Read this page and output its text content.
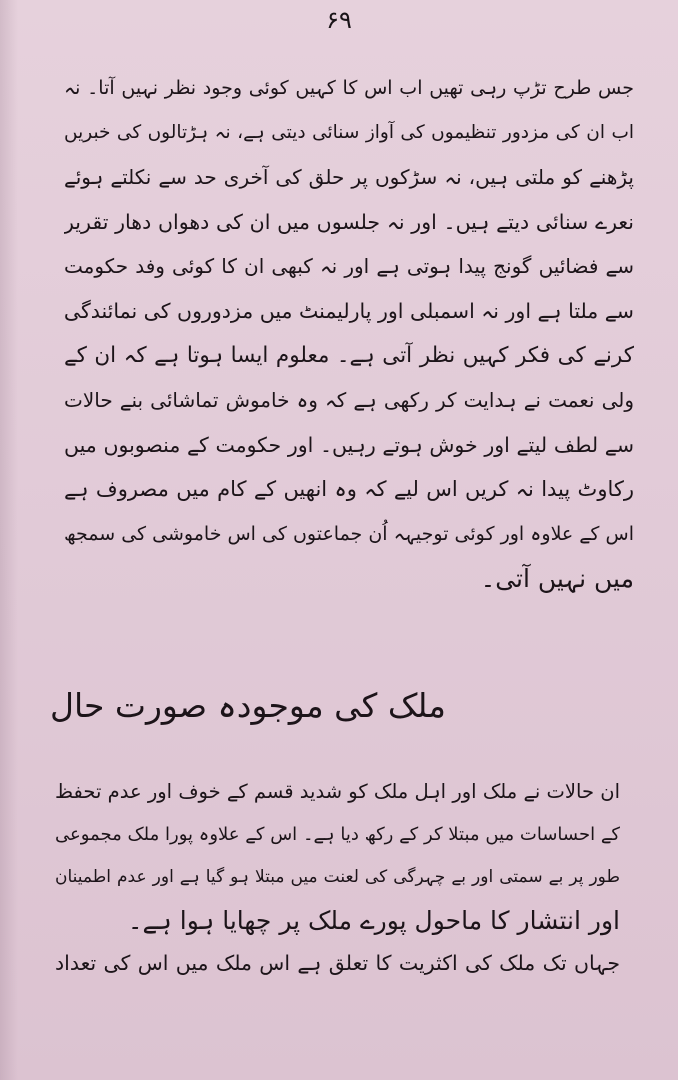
۶۹
جس طرح تڑپ رہی تھیں اب اس کا کہیں کوئی وجود نظر نہیں آتا۔ نہ
اب ان کی مزدور تنظیموں کی آواز سنائی دیتی ہے، نہ ہڑتالوں کی خبریں
پڑھنے کو ملتی ہیں، نہ سڑکوں پر حلق کی آخری حد سے نکلتے ہوئے
نعرے سنائی دیتے ہیں۔ اور نہ جلسوں میں ان کی دھواں دھار تقریر
سے فضائیں گونج پیدا ہوتی ہے اور نہ کبھی ان کا کوئی وفد حکومت
سے ملتا ہے اور نہ اسمبلی اور پارلیمنٹ میں مزدوروں کی نمائندگی
کرنے کی فکر کہیں نظر آتی ہے۔ معلوم ایسا ہوتا ہے کہ ان کے
ولی نعمت نے ہدایت کر رکھی ہے کہ وہ خاموش تماشائی بنے حالات
سے لطف لیتے اور خوش ہوتے رہیں۔ اور حکومت کے منصوبوں میں
رکاوٹ پیدا نہ کریں اس لیے کہ وہ انھیں کے کام میں مصروف ہے
اس کے علاوہ اور کوئی توجیہہ اُن جماعتوں کی اس خاموشی کی سمجھ
میں نہیں آتی۔
ملک کی موجودہ صورت حال
ان حالات نے ملک اور اہل ملک کو شدید قسم کے خوف اور عدم تحفظ
کے احساسات میں مبتلا کر کے رکھ دیا ہے۔ اس کے علاوہ پورا ملک مجموعی
طور پر بے سمتی اور بے چہرگی کی لعنت میں مبتلا ہو گیا ہے اور عدم اطمینان
اور انتشار کا ماحول پورے ملک پر چھایا ہوا ہے۔
جہاں تک ملک کی اکثریت کا تعلق ہے اس ملک میں اس کی تعداد
